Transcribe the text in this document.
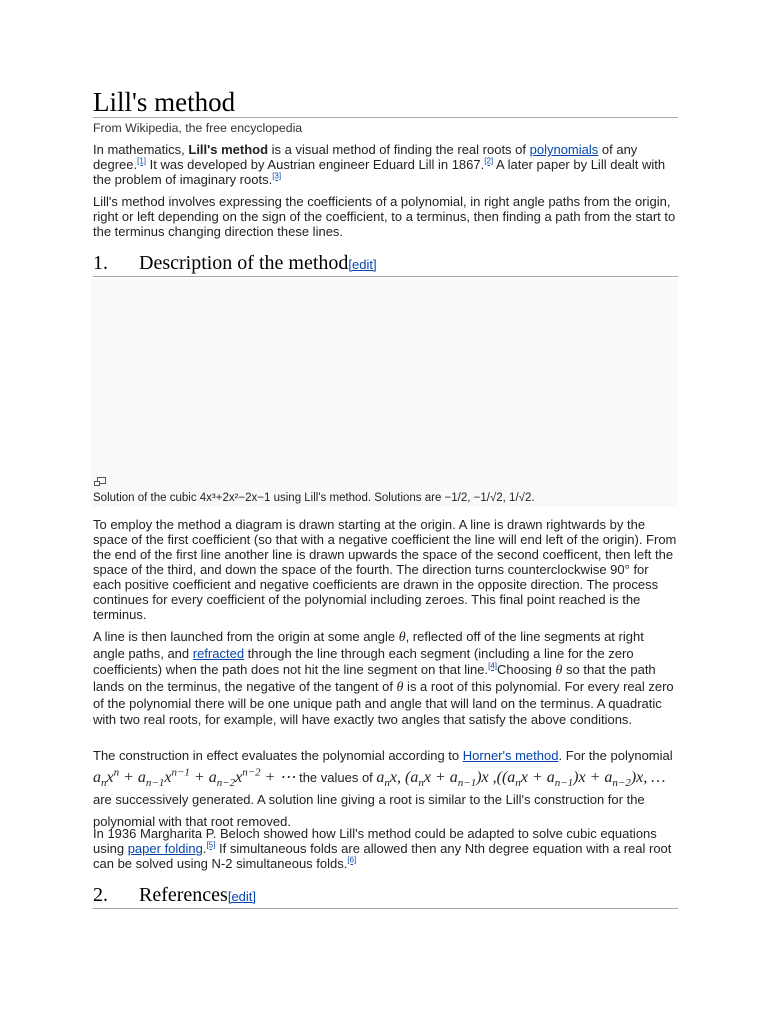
Lill's method
From Wikipedia, the free encyclopedia

In mathematics, Lill's method is a visual method of finding the real roots of polynomials of any degree.[1] It was developed by Austrian engineer Eduard Lill in 1867.[2] A later paper by Lill dealt with the problem of imaginary roots.[3]

Lill's method involves expressing the coefficients of a polynomial, in right angle paths from the origin, right or left depending on the sign of the coefficient, to a terminus, then finding a path from the start to the terminus changing direction these lines.

1. Description of the method[edit]
Solution of the cubic 4x³+2x²−2x−1 using Lill's method. Solutions are −1/2, −1/√2, 1/√2.

To employ the method a diagram is drawn starting at the origin. A line is drawn rightwards by the space of the first coefficient (so that with a negative coefficient the line will end left of the origin). From the end of the first line another line is drawn upwards the space of the second coefficent, then left the space of the third, and down the space of the fourth. The direction turns counterclockwise 90° for each positive coefficient and negative coefficients are drawn in the opposite direction. The process continues for every coefficient of the polynomial including zeroes. This final point reached is the terminus.

A line is then launched from the origin at some angle θ, reflected off of the line segments at right angle paths, and refracted through the line through each segment (including a line for the zero coefficients) when the path does not hit the line segment on that line.[4]Choosing θ so that the path lands on the terminus, the negative of the tangent of θ is a root of this polynomial. For every real zero of the polynomial there will be one unique path and angle that will land on the terminus. A quadratic with two real roots, for example, will have exactly two angles that satisfy the above conditions.

The construction in effect evaluates the polynomial according to Horner's method. For the polynomial $a_nx^n + a_{n-1}x^{n-1} + a_{n-2}x^{n-2}$ + ⋯ the values of $a_nx$, $(a_nx + a_{n-1})x$ $,((a_nx + a_{n-1})x + a_{n-2})x$, … are successively generated. A solution line giving a root is similar to the Lill's construction for the polynomial with that root removed.

In 1936 Margharita P. Beloch showed how Lill's method could be adapted to solve cubic equations using paper folding.[5] If simultaneous folds are allowed then any Nth degree equation with a real root can be solved using N-2 simultaneous folds.[6]

2. References[edit]
